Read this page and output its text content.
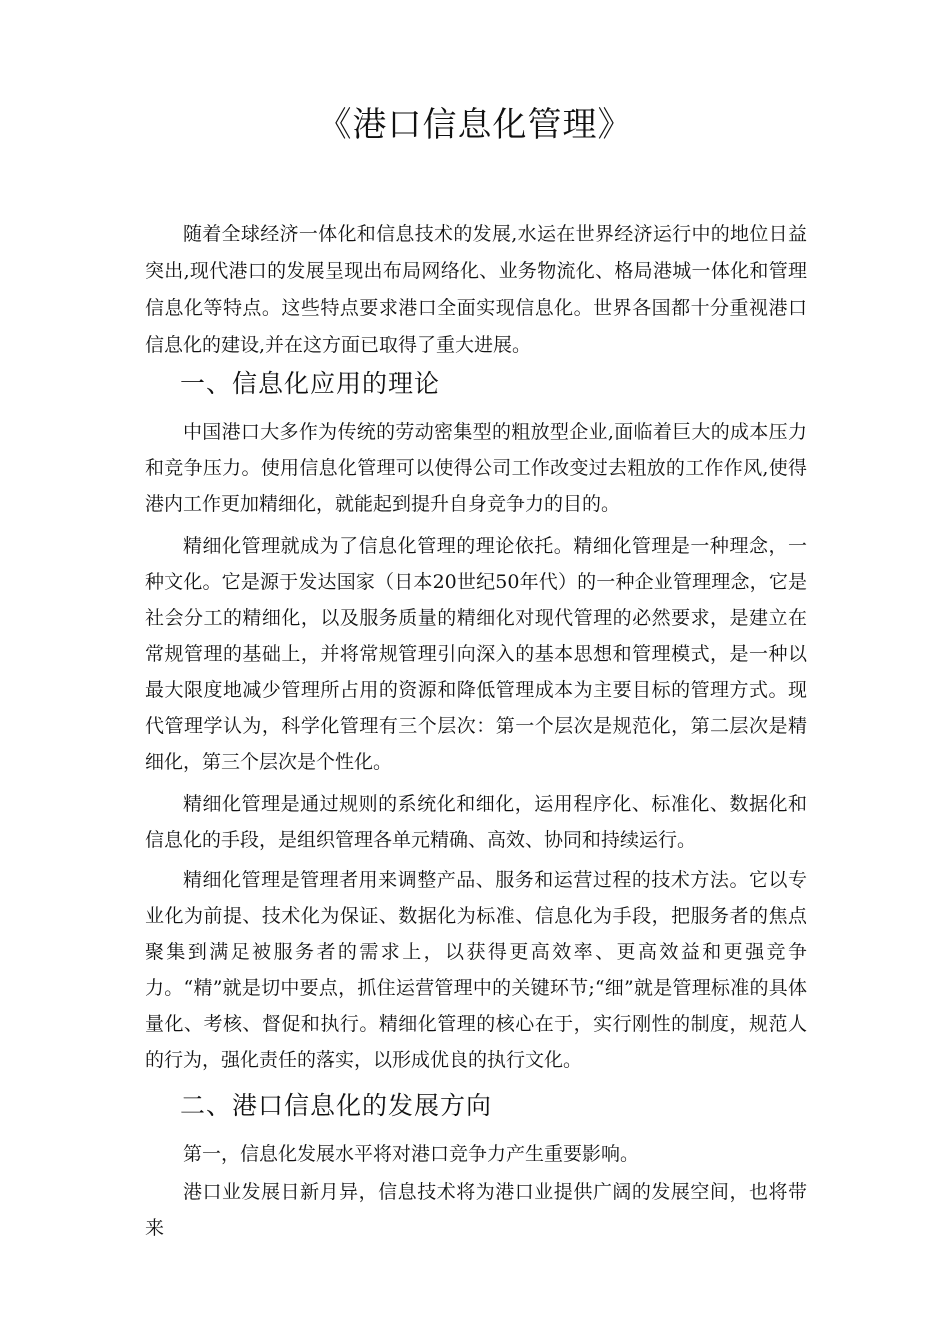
《港口信息化管理》

随着全球经济一体化和信息技术的发展,水运在世界经济运行中的地位日益突出,现代港口的发展呈现出布局网络化、业务物流化、格局港城一体化和管理信息化等特点。这些特点要求港口全面实现信息化。世界各国都十分重视港口信息化的建设,并在这方面已取得了重大进展。

一、信息化应用的理论

中国港口大多作为传统的劳动密集型的粗放型企业,面临着巨大的成本压力和竞争压力。使用信息化管理可以使得公司工作改变过去粗放的工作作风,使得港内工作更加精细化，就能起到提升自身竞争力的目的。

精细化管理就成为了信息化管理的理论依托。精细化管理是一种理念，一种文化。它是源于发达国家（日本20世纪50年代）的一种企业管理理念，它是社会分工的精细化，以及服务质量的精细化对现代管理的必然要求，是建立在常规管理的基础上，并将常规管理引向深入的基本思想和管理模式，是一种以最大限度地减少管理所占用的资源和降低管理成本为主要目标的管理方式。现代管理学认为，科学化管理有三个层次：第一个层次是规范化，第二层次是精细化，第三个层次是个性化。

精细化管理是通过规则的系统化和细化，运用程序化、标准化、数据化和信息化的手段，是组织管理各单元精确、高效、协同和持续运行。

精细化管理是管理者用来调整产品、服务和运营过程的技术方法。它以专业化为前提、技术化为保证、数据化为标准、信息化为手段，把服务者的焦点聚集到满足被服务者的需求上，以获得更高效率、更高效益和更强竞争力。“精”就是切中要点，抓住运营管理中的关键环节;“细”就是管理标准的具体量化、考核、督促和执行。精细化管理的核心在于，实行刚性的制度，规范人的行为，强化责任的落实，以形成优良的执行文化。

二、港口信息化的发展方向

第一，信息化发展水平将对港口竞争力产生重要影响。

港口业发展日新月异，信息技术将为港口业提供广阔的发展空间，也将带来
